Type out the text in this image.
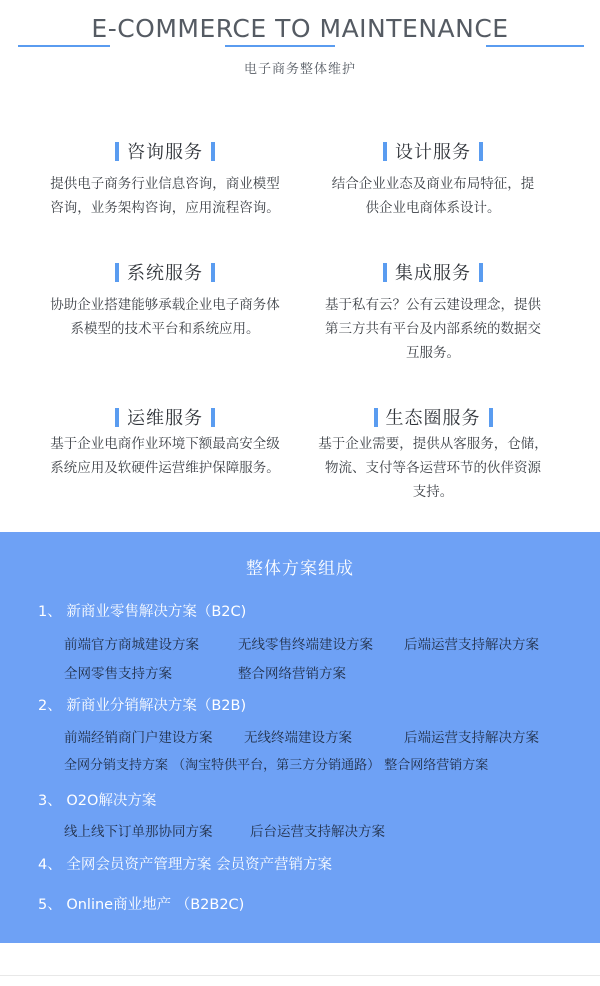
E-COMMERCE TO MAINTENANCE
电子商务整体维护
咨询服务
提供电子商务行业信息咨询，商业模型
咨询，业务架构咨询，应用流程咨询。
设计服务
结合企业业态及商业布局特征，提
供企业电商体系设计。
系统服务
协助企业搭建能够承载企业电子商务体
系模型的技术平台和系统应用。
集成服务
基于私有云？公有云建设理念，提供
第三方共有平台及内部系统的数据交
互服务。
运维服务
基于企业电商作业环境下额最高安全级
系统应用及软硬件运营维护保障服务。
生态圈服务
基于企业需要，提供从客服务，仓储，
物流、支付等各运营环节的伙伴资源
支持。
整体方案组成
1、 新商业零售解决方案（B2C)
前端官方商城建设方案	无线零售终端建设方案 后端运营支持解决方案
全网零售支持方案	整合网络营销方案
2、 新商业分销解决方案（B2B)
前端经销商门户建设方案 无线终端建设方案	后端运营支持解决方案
全网分销支持方案 （淘宝特供平台，第三方分销通路） 整合网络营销方案
3、 O2O解决方案
线上线下订单那协同方案	后台运营支持解决方案
4、 全网会员资产管理方案 会员资产营销方案
5、 Online商业地产 （B2B2C)
